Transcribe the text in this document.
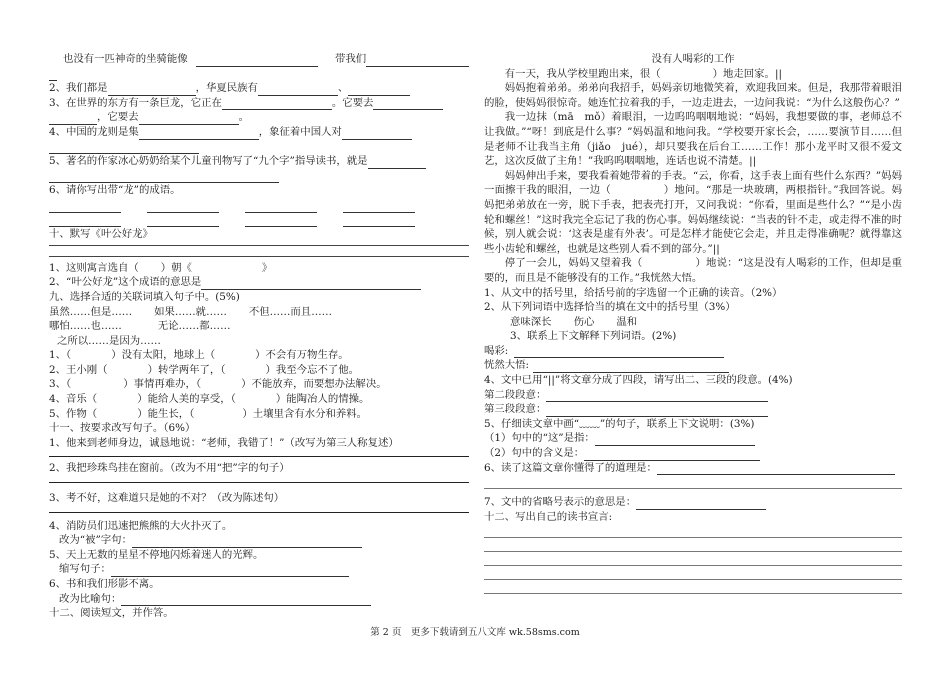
也没有一匹神奇的坐骑能像	带我们
2、我们都是	，华夏民族有	、
3、在世界的东方有一条巨龙，它正在	。它要去
，它要去	。
4、中国的龙则是集	，象征着中国人对
5、著名的作家冰心奶奶给某个儿童刊物写了“九个字”指导读书，就是
6、请你写出带“龙”的成语。
十、默写《叶公好龙》
1、这则寓言选自（ ）朝《	》
2、“叶公好龙”这个成语的意思是
九、选择合适的关联词填入句子中。(5%)
虽然……但是…… 如果……就…… 不但……而且……
哪怕……也……	无论……都……
之所以……是因为……
1、（	）没有太阳，地球上（	）不会有万物生存。
2、王小刚（	）转学两年了，（	）我至今忘不了他。
3、（	）事情再难办，（	）不能放弃，而要想办法解决。
4、音乐（	）能给人美的享受，（	）能陶冶人的情操。
5、作物（	）能生长，（	）土壤里含有水分和养料。
十一、按要求改写句子。（6%）
1、他来到老师身边，诚恳地说：“老师，我错了！”（改写为第三人称复述）
2、我把珍珠鸟挂在窗前。（改为不用“把”字的句子）
3、考不好，这难道只是她的不对？（改为陈述句）
4、消防员们迅速把熊熊的大火扑灭了。
改为“被”字句：
5、天上无数的星星不停地闪烁着迷人的光辉。
缩写句子：
6、书和我们形影不离。
改为比喻句：
十二、阅读短文，并作答。
没有人喝彩的工作
有一天，我从学校里跑出来，很（　　　　　）地走回家。||
妈妈抱着弟弟。弟弟向我招手，妈妈亲切地微笑着，欢迎我回来。但是，我那带着眼泪的脸，使妈妈很惊奇。她连忙拉着我的手，一边走进去，一边问我说：“为什么这般伤心？”
我一边抹（mā　mǒ）着眼泪，一边呜呜咽咽地说：“妈妈，我想要做的事，老师总不让我做。”“呀！到底是什么事？”妈妈温和地问我。“学校要开家长会，……要演节目……但是老师不让我当主角（jiǎo　jué），却只要我在后台工……工作！那小龙平时又很不爱文艺，这次反做了主角！”我呜呜咽咽地，连话也说不清楚。||
妈妈伸出手来，要我看着她带着的手表。“云，你看，这手表上面有些什么东西？”妈妈一面擦干我的眼泪，一边（　　　　　）地问。“那是一块玻璃，两根指针。”我回答说。妈妈把弟弟放在一旁，脱下手表，把表壳打开，又问我说：“你看，里面是些什么？”“是小齿轮和螺丝！”这时我完全忘记了我的伤心事。妈妈继续说：“当表的针不走，或走得不准的时候，别人就会说：‘这表是虚有外表’。可是怎样才能使它会走，并且走得准确呢？就得靠这些小齿轮和螺丝，也就是这些别人看不到的部分。”||
停了一会儿，妈妈又望着我（　　　　　）地说：“这是没有人喝彩的工作，但却是重要的，而且是不能够没有的工作。”我恍然大悟。
1、从文中的括号里，给括号前的字选留一个正确的读音。（2%）
2、从下列词语中选择恰当的填在文中的括号里（3%）
意味深长 伤心 温和
3、联系上下文解释下列词语。(2%)
喝彩:
恍然大悟:
4、文中已用“||”将文章分成了四段，请写出二、三段的段意。(4%)
第二段段意：
第三段段意：
5、仔细读文章中画“﹏﹏”的句子，联系上下文说明：(3%)
（1）句中的“这”是指：
（2）句中的含义是：
6、读了这篇文章你懂得了的道理是：
7、文中的省略号表示的意思是：
十二、写出自己的读书宣言:
第 2 页　更多下载请到五八文库 wk.58sms.com
